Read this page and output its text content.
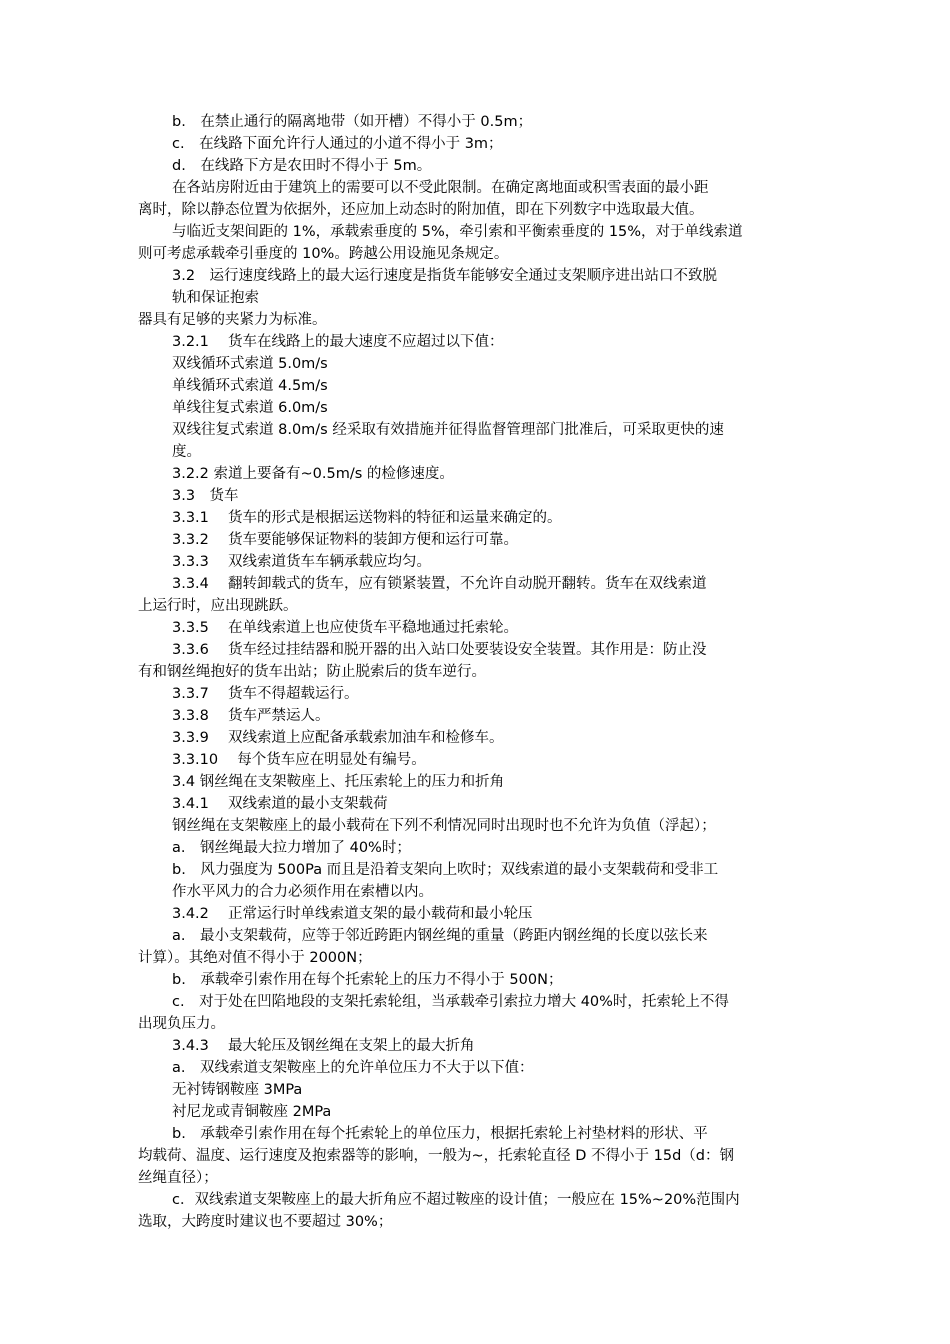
b.　在禁止通行的隔离地带（如开槽）不得小于 0.5m；
c.　在线路下面允许行人通过的小道不得小于 3m；
d.　在线路下方是农田时不得小于 5m。
在各站房附近由于建筑上的需要可以不受此限制。在确定离地面或积雪表面的最小距
离时，除以静态位置为依据外，还应加上动态时的附加值，即在下列数字中选取最大值。
与临近支架间距的 1%，承载索垂度的 5%，牵引索和平衡索垂度的 15%，对于单线索道
则可考虑承载牵引垂度的 10%。跨越公用设施见条规定。
3.2　运行速度线路上的最大运行速度是指货车能够安全通过支架顺序进出站口不致脱
轨和保证抱索
器具有足够的夹紧力为标准。
3.2.1　 货车在线路上的最大速度不应超过以下值：
双线循环式索道 5.0m/s
单线循环式索道 4.5m/s
单线往复式索道 6.0m/s
双线往复式索道 8.0m/s 经采取有效措施并征得监督管理部门批准后，可采取更快的速
度。
3.2.2 索道上要备有~0.5m/s 的检修速度。
3.3　货车
3.3.1　 货车的形式是根据运送物料的特征和运量来确定的。
3.3.2　 货车要能够保证物料的装卸方便和运行可靠。
3.3.3　 双线索道货车车辆承载应均匀。
3.3.4　 翻转卸载式的货车，应有锁紧装置，不允许自动脱开翻转。货车在双线索道
上运行时，应出现跳跃。
3.3.5　 在单线索道上也应使货车平稳地通过托索轮。
3.3.6　 货车经过挂结器和脱开器的出入站口处要装设安全装置。其作用是：防止没
有和钢丝绳抱好的货车出站；防止脱索后的货车逆行。
3.3.7　 货车不得超载运行。
3.3.8　 货车严禁运人。
3.3.9　 双线索道上应配备承载索加油车和检修车。
3.3.10　 每个货车应在明显处有编号。
3.4 钢丝绳在支架鞍座上、托压索轮上的压力和折角
3.4.1　 双线索道的最小支架载荷
钢丝绳在支架鞍座上的最小载荷在下列不利情况同时出现时也不允许为负值（浮起）；
a.　钢丝绳最大拉力增加了 40%时；
b.　风力强度为 500Pa 而且是沿着支架向上吹时；双线索道的最小支架载荷和受非工
作水平风力的合力必须作用在索槽以内。
3.4.2　 正常运行时单线索道支架的最小载荷和最小轮压
a.　最小支架载荷，应等于邻近跨距内钢丝绳的重量（跨距内钢丝绳的长度以弦长来
计算）。其绝对值不得小于 2000N；
b.　承载牵引索作用在每个托索轮上的压力不得小于 500N；
c.　对于处在凹陷地段的支架托索轮组，当承载牵引索拉力增大 40%时，托索轮上不得
出现负压力。
3.4.3　 最大轮压及钢丝绳在支架上的最大折角
a.　双线索道支架鞍座上的允许单位压力不大于以下值：
无衬铸钢鞍座 3MPa
衬尼龙或青铜鞍座 2MPa
b.　承载牵引索作用在每个托索轮上的单位压力，根据托索轮上衬垫材料的形状、平
均载荷、温度、运行速度及抱索器等的影响，一般为~，托索轮直径 D 不得小于 15d（d：钢
丝绳直径）；
c．双线索道支架鞍座上的最大折角应不超过鞍座的设计值；一般应在 15%~20%范围内
选取，大跨度时建议也不要超过 30%；
